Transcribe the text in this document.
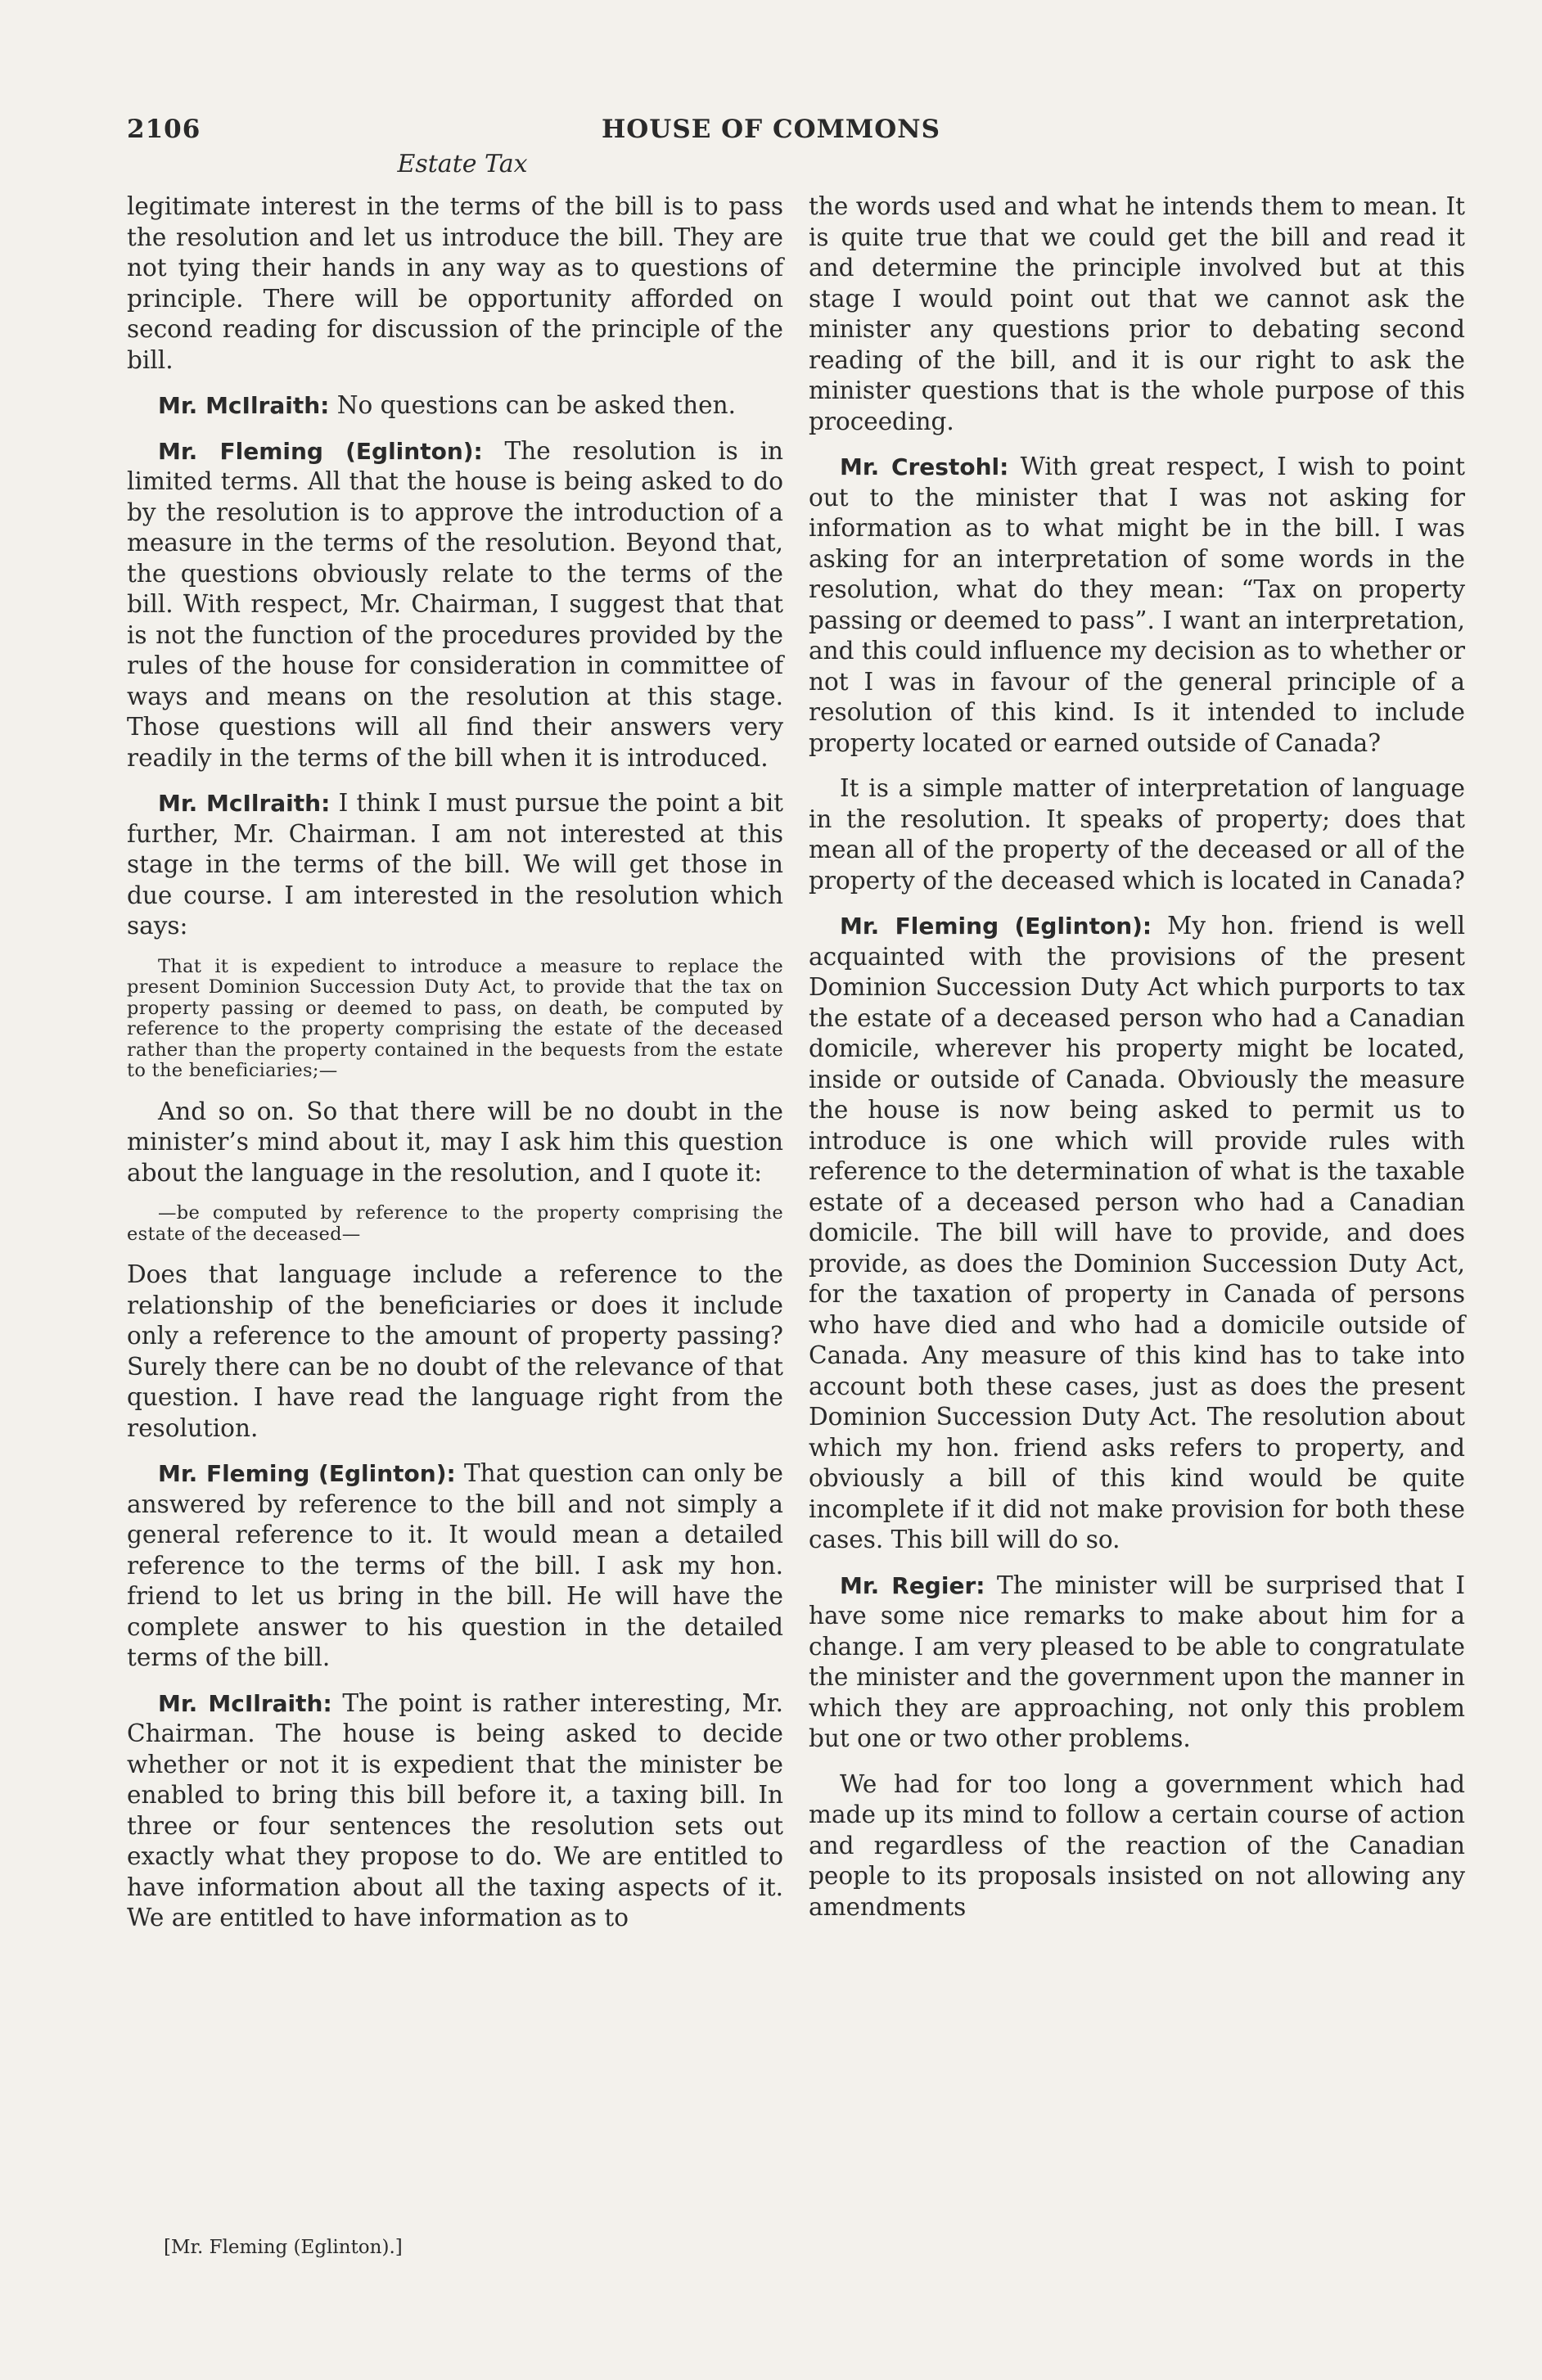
2106	HOUSE OF COMMONS
Estate Tax

legitimate interest in the terms of the bill is to pass the resolution and let us introduce the bill. They are not tying their hands in any way as to questions of principle. There will be opportunity afforded on second reading for discussion of the principle of the bill.

Mr. McIlraith: No questions can be asked then.

Mr. Fleming (Eglinton): The resolution is in limited terms. All that the house is being asked to do by the resolution is to approve the introduction of a measure in the terms of the resolution. Beyond that, the questions obviously relate to the terms of the bill. With respect, Mr. Chairman, I suggest that that is not the function of the procedures provided by the rules of the house for consideration in committee of ways and means on the resolution at this stage. Those questions will all find their answers very readily in the terms of the bill when it is introduced.

Mr. McIlraith: I think I must pursue the point a bit further, Mr. Chairman. I am not interested at this stage in the terms of the bill. We will get those in due course. I am interested in the resolution which says:

That it is expedient to introduce a measure to replace the present Dominion Succession Duty Act, to provide that the tax on property passing or deemed to pass, on death, be computed by reference to the property comprising the estate of the deceased rather than the property contained in the bequests from the estate to the beneficiaries;—

And so on. So that there will be no doubt in the minister’s mind about it, may I ask him this question about the language in the resolution, and I quote it:

—be computed by reference to the property comprising the estate of the deceased—

Does that language include a reference to the relationship of the beneficiaries or does it include only a reference to the amount of property passing? Surely there can be no doubt of the relevance of that question. I have read the language right from the resolution.

Mr. Fleming (Eglinton): That question can only be answered by reference to the bill and not simply a general reference to it. It would mean a detailed reference to the terms of the bill. I ask my hon. friend to let us bring in the bill. He will have the complete answer to his question in the detailed terms of the bill.

Mr. McIlraith: The point is rather interesting, Mr. Chairman. The house is being asked to decide whether or not it is expedient that the minister be enabled to bring this bill before it, a taxing bill. In three or four sentences the resolution sets out exactly what they propose to do. We are entitled to have information about all the taxing aspects of it. We are entitled to have information as to

the words used and what he intends them to mean. It is quite true that we could get the bill and read it and determine the principle involved but at this stage I would point out that we cannot ask the minister any questions prior to debating second reading of the bill, and it is our right to ask the minister questions that is the whole purpose of this proceeding.

Mr. Crestohl: With great respect, I wish to point out to the minister that I was not asking for information as to what might be in the bill. I was asking for an interpretation of some words in the resolution, what do they mean: “Tax on property passing or deemed to pass”. I want an interpretation, and this could influence my decision as to whether or not I was in favour of the general principle of a resolution of this kind. Is it intended to include property located or earned outside of Canada?

It is a simple matter of interpretation of language in the resolution. It speaks of property; does that mean all of the property of the deceased or all of the property of the deceased which is located in Canada?

Mr. Fleming (Eglinton): My hon. friend is well acquainted with the provisions of the present Dominion Succession Duty Act which purports to tax the estate of a deceased person who had a Canadian domicile, wherever his property might be located, inside or outside of Canada. Obviously the measure the house is now being asked to permit us to introduce is one which will provide rules with reference to the determination of what is the taxable estate of a deceased person who had a Canadian domicile. The bill will have to provide, and does provide, as does the Dominion Succession Duty Act, for the taxation of property in Canada of persons who have died and who had a domicile outside of Canada. Any measure of this kind has to take into account both these cases, just as does the present Dominion Succession Duty Act. The resolution about which my hon. friend asks refers to property, and obviously a bill of this kind would be quite incomplete if it did not make provision for both these cases. This bill will do so.

Mr. Regier: The minister will be surprised that I have some nice remarks to make about him for a change. I am very pleased to be able to congratulate the minister and the government upon the manner in which they are approaching, not only this problem but one or two other problems.

We had for too long a government which had made up its mind to follow a certain course of action and regardless of the reaction of the Canadian people to its proposals insisted on not allowing any amendments

[Mr. Fleming (Eglinton).]
